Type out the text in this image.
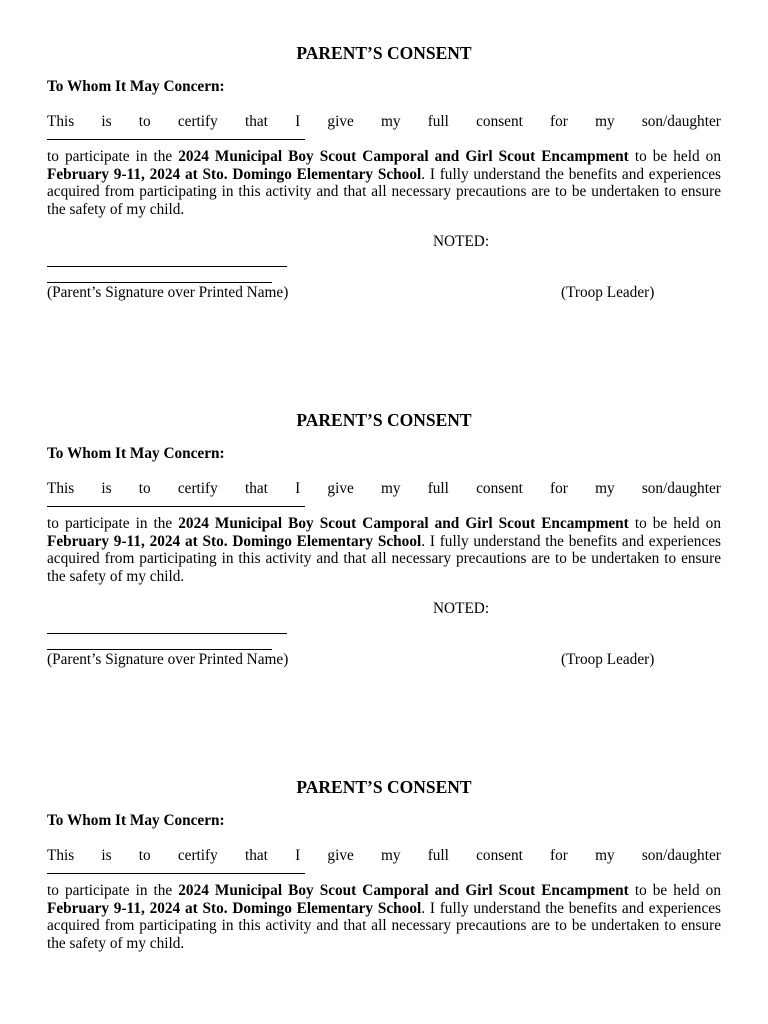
PARENT’S CONSENT
To Whom It May Concern:
This is to certify that I give my full consent for my son/daughter

to participate in the 2024 Municipal Boy Scout Camporal and Girl Scout Encampment to be held on February 9-11, 2024 at Sto. Domingo Elementary School. I fully understand the benefits and experiences acquired from participating in this activity and that all necessary precautions are to be undertaken to ensure the safety of my child.

NOTED:
(Parent’s Signature over Printed Name)	(Troop Leader)
PARENT’S CONSENT
To Whom It May Concern:
This is to certify that I give my full consent for my son/daughter

to participate in the 2024 Municipal Boy Scout Camporal and Girl Scout Encampment to be held on February 9-11, 2024 at Sto. Domingo Elementary School. I fully understand the benefits and experiences acquired from participating in this activity and that all necessary precautions are to be undertaken to ensure the safety of my child.

NOTED:
(Parent’s Signature over Printed Name)	(Troop Leader)
PARENT’S CONSENT
To Whom It May Concern:
This is to certify that I give my full consent for my son/daughter

to participate in the 2024 Municipal Boy Scout Camporal and Girl Scout Encampment to be held on February 9-11, 2024 at Sto. Domingo Elementary School. I fully understand the benefits and experiences acquired from participating in this activity and that all necessary precautions are to be undertaken to ensure the safety of my child.
